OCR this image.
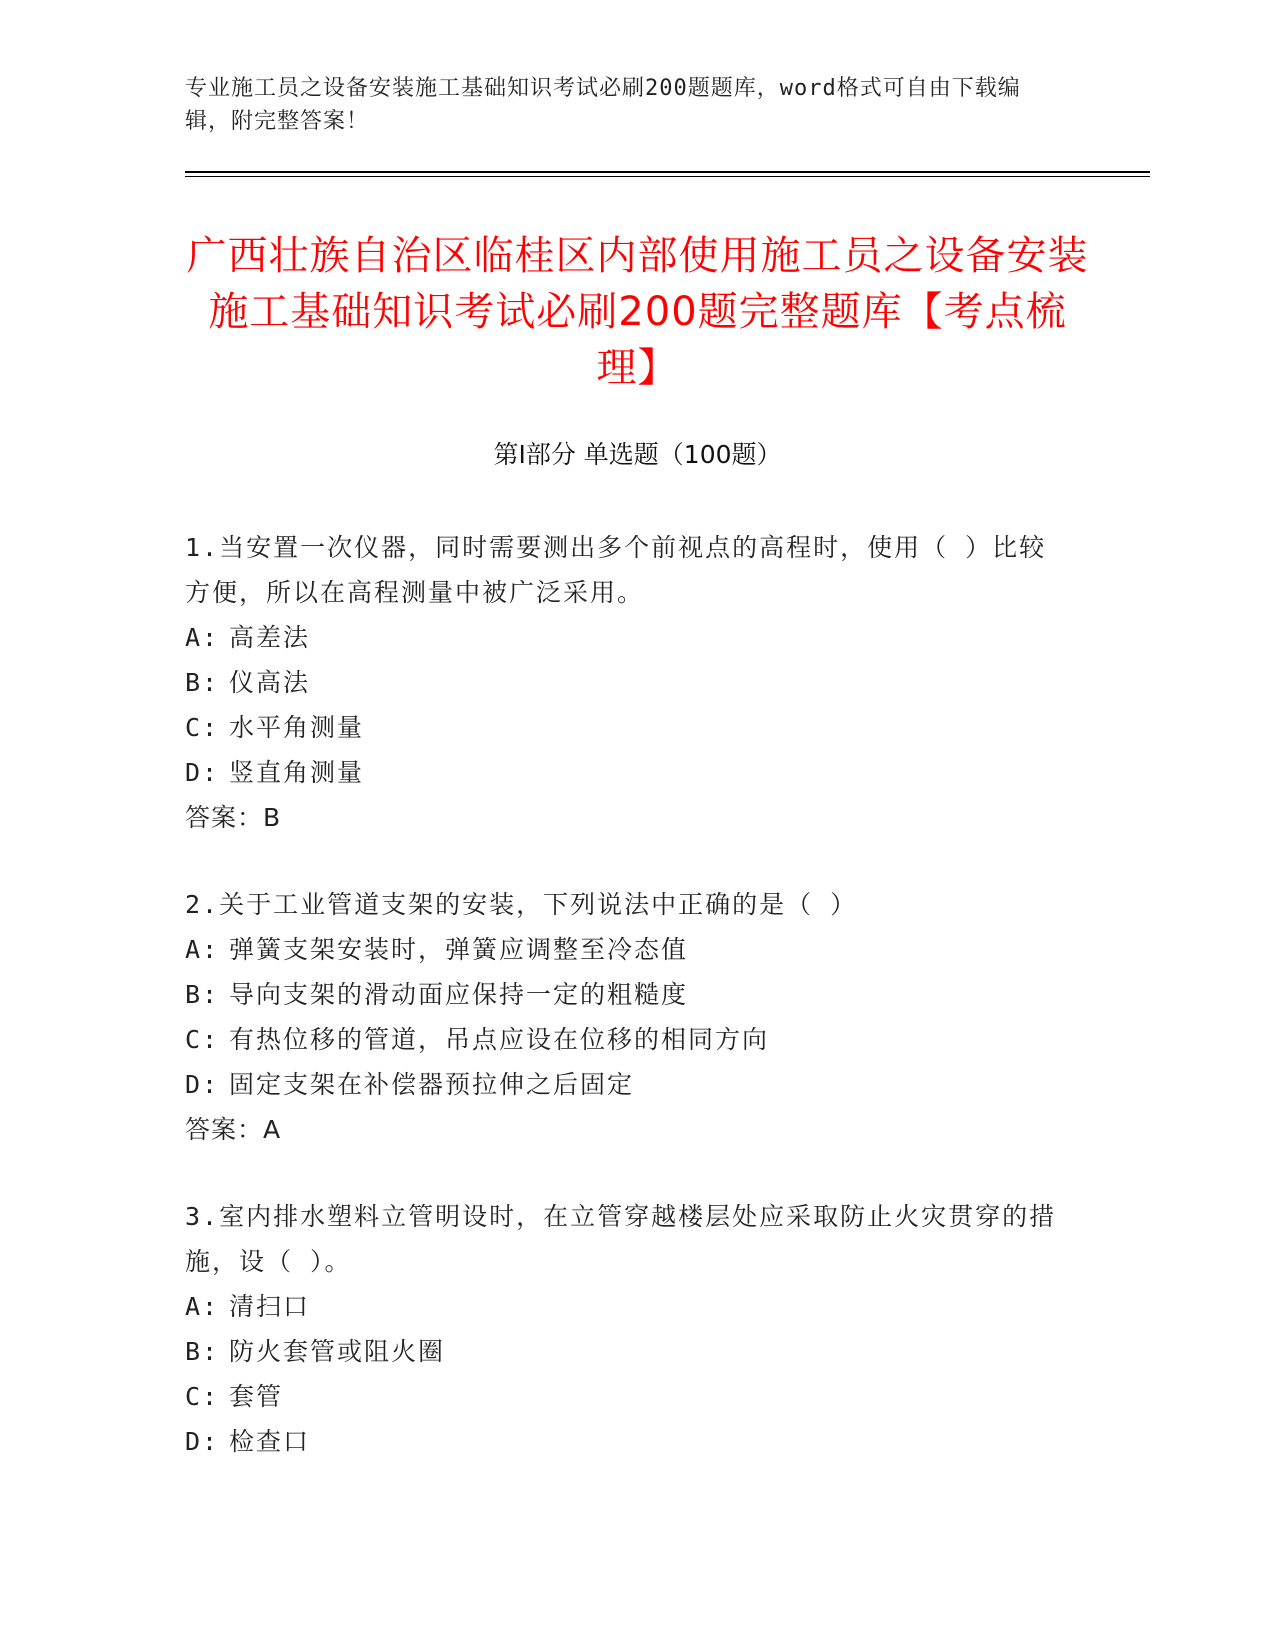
专业施工员之设备安装施工基础知识考试必刷200题题库，word格式可自由下载编辑，附完整答案！
广西壮族自治区临桂区内部使用施工员之设备安装施工基础知识考试必刷200题完整题库【考点梳理】
第Ⅰ部分 单选题（100题）

1.当安置一次仪器，同时需要测出多个前视点的高程时，使用（ ）比较方便，所以在高程测量中被广泛采用。

A: 高差法

B: 仪高法

C: 水平角测量

D: 竖直角测量

答案：B

2.关于工业管道支架的安装，下列说法中正确的是（ ）

A: 弹簧支架安装时，弹簧应调整至冷态值

B: 导向支架的滑动面应保持一定的粗糙度

C: 有热位移的管道，吊点应设在位移的相同方向

D: 固定支架在补偿器预拉伸之后固定

答案：A

3.室内排水塑料立管明设时，在立管穿越楼层处应采取防止火灾贯穿的措施，设（ ）。

A: 清扫口

B: 防火套管或阻火圈

C: 套管

D: 检查口
